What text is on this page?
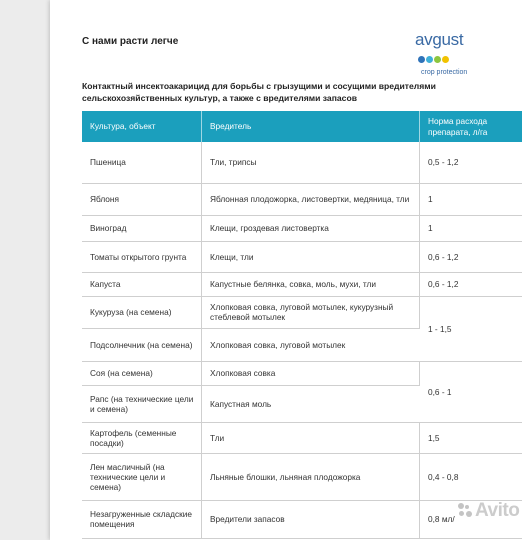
С нами расти легче	avgust
crop protection
Контактный инсектоакарицид для борьбы с грызущими и сосущими вредителями сельскохозяйственных культур, а также с вредителями запасов
Культура, объект	Вредитель	Норма расхода препарата, л/га
Пшеница	Тли, трипсы	0,5 - 1,2
Яблоня	Яблонная плодожорка, листовертки, медяница, тли	1
Виноград	Клещи, гроздевая листовертка	1
Томаты открытого грунта	Клещи, тли	0,6 - 1,2
Капуста	Капустные белянка, совка, моль, мухи, тли	0,6 - 1,2
Кукуруза (на семена)	Хлопковая совка, луговой мотылек, кукурузный стеблевой мотылек	1 - 1,5
Подсолнечник (на семена)	Хлопковая совка, луговой мотылек	
Соя (на семена)	Хлопковая совка	0,6 - 1
Рапс (на технические цели и семена)	Капустная моль	
Картофель (семенные посадки)	Тли	1,5
Лен масличный (на технические цели и семена)	Льняные блошки, льняная плодожорка	0,4 - 0,8
Незагруженные складские помещения	Вредители запасов	0,8 мл/ Avito
